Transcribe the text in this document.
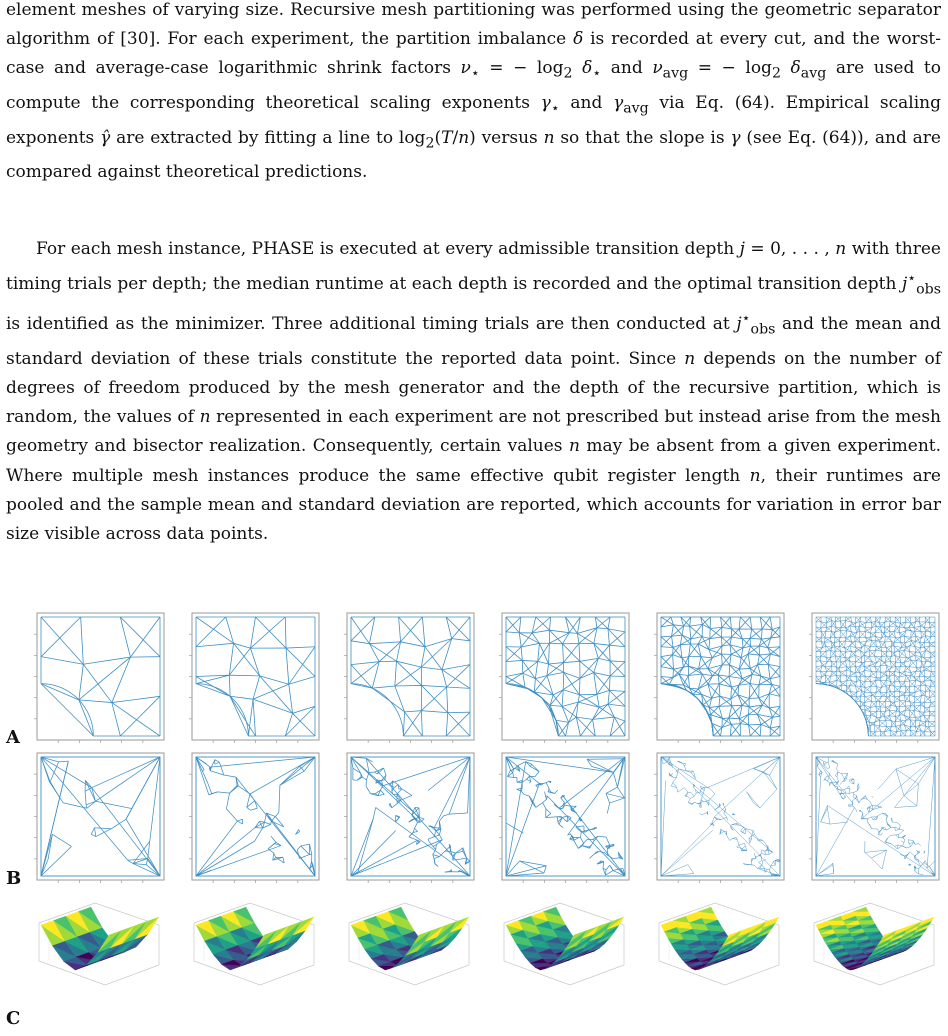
element meshes of varying size. Recursive mesh partitioning was performed using the geometric separator algorithm of [30]. For each experiment, the partition imbalance δ is recorded at every cut, and the worst-case and average-case logarithmic shrink factors $\nu_⋆$ = − $\log_2 \delta_⋆$ and $\nu_{avg}$ = − $\log_2 \delta_{avg}$ are used to compute the corresponding theoretical scaling exponents $\gamma_⋆$ and $\gamma_{avg}$ via Eq. (64). Empirical scaling exponents γ̂ are extracted by fitting a line to $\log_2(T/n)$ versus n so that the slope is γ (see Eq. (64)), and are compared against theoretical predictions.

For each mesh instance, PHASE is executed at every admissible transition depth j = 0, . . . , n with three timing trials per depth; the median runtime at each depth is recorded and the optimal transition depth $j^⋆_{obs}$ is identified as the minimizer. Three additional timing trials are then conducted at $j^⋆_{obs}$ and the mean and standard deviation of these trials constitute the reported data point. Since n depends on the number of degrees of freedom produced by the mesh generator and the depth of the recursive partition, which is random, the values of n represented in each experiment are not prescribed but instead arise from the mesh geometry and bisector realization. Consequently, certain values n may be absent from a given experiment. Where multiple mesh instances produce the same effective qubit register length n, their runtimes are pooled and the sample mean and standard deviation are reported, which accounts for variation in error bar size visible across data points.

A
B
C
